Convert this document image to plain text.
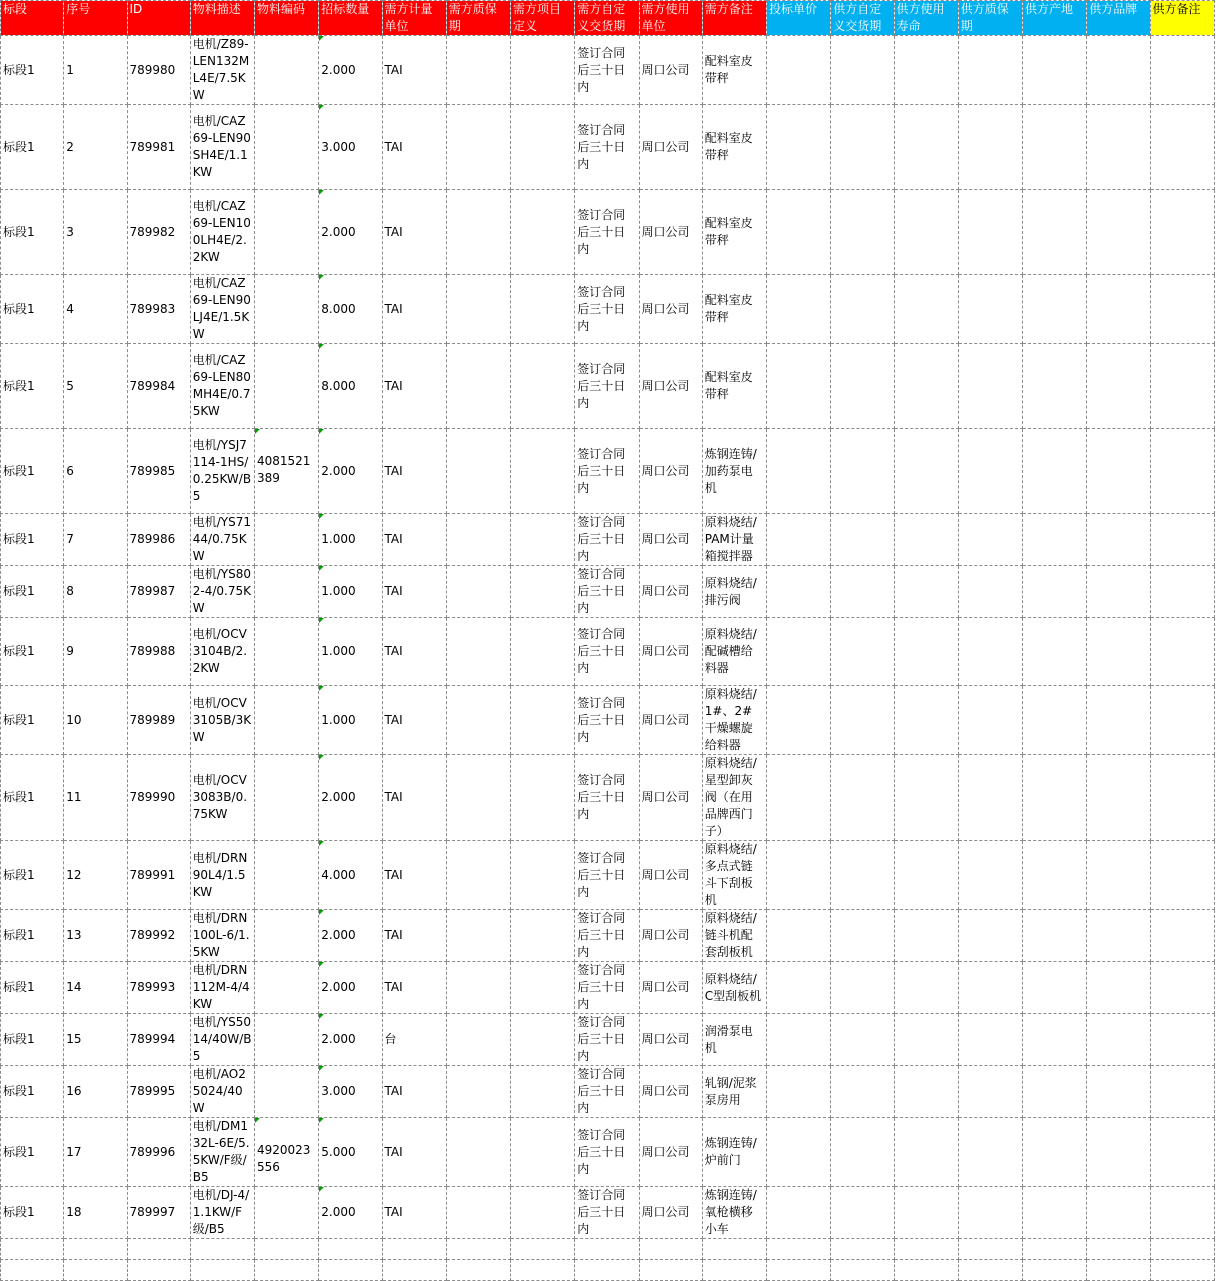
标段	序号	ID	物料描述	物料编码	招标数量	需方计量单位	需方质保期	需方项目定义	需方自定义交货期	需方使用单位	需方备注	投标单价	供方自定义交货期	供方使用寿命	供方质保期	供方产地	供方品牌	供方备注
标段1	1	789980	电机/Z89-LEN132ML4E/7.5KW		2.000	TAI			签订合同后三十日内	周口公司	配料室皮带秤							
标段1	2	789981	电机/CAZ69-LEN90SH4E/1.1KW		3.000	TAI			签订合同后三十日内	周口公司	配料室皮带秤							
标段1	3	789982	电机/CAZ69-LEN100LH4E/2.2KW		2.000	TAI			签订合同后三十日内	周口公司	配料室皮带秤							
标段1	4	789983	电机/CAZ69-LEN90LJ4E/1.5KW		8.000	TAI			签订合同后三十日内	周口公司	配料室皮带秤							
标段1	5	789984	电机/CAZ69-LEN80MH4E/0.75KW		8.000	TAI			签订合同后三十日内	周口公司	配料室皮带秤							
标段1	6	789985	电机/YSJ7114-1HS/0.25KW/B5	4081521389	2.000	TAI			签订合同后三十日内	周口公司	炼钢连铸/加药泵电机							
标段1	7	789986	电机/YS7144/0.75KW		1.000	TAI			签订合同后三十日内	周口公司	原料烧结/PAM计量箱搅拌器							
标段1	8	789987	电机/YS802-4/0.75KW		1.000	TAI			签订合同后三十日内	周口公司	原料烧结/排污阀							
标段1	9	789988	电机/OCV3104B/2.2KW		1.000	TAI			签订合同后三十日内	周口公司	原料烧结/配碱槽给料器							
标段1	10	789989	电机/OCV3105B/3KW		1.000	TAI			签订合同后三十日内	周口公司	原料烧结/1#、2#干燥螺旋给料器							
标段1	11	789990	电机/OCV3083B/0.75KW		2.000	TAI			签订合同后三十日内	周口公司	原料烧结/星型卸灰阀（在用品牌西门子）							
标段1	12	789991	电机/DRN90L4/1.5KW		4.000	TAI			签订合同后三十日内	周口公司	原料烧结/多点式链斗下刮板机							
标段1	13	789992	电机/DRN100L-6/1.5KW		2.000	TAI			签订合同后三十日内	周口公司	原料烧结/链斗机配套刮板机							
标段1	14	789993	电机/DRN112M-4/4KW		2.000	TAI			签订合同后三十日内	周口公司	原料烧结/C型刮板机							
标段1	15	789994	电机/YS5014/40W/B5		2.000	台			签订合同后三十日内	周口公司	润滑泵电机							
标段1	16	789995	电机/AO25024/40W		3.000	TAI			签订合同后三十日内	周口公司	轧钢/泥浆泵房用							
标段1	17	789996	电机/DM132L-6E/5.5KW/F级/B5	4920023556	5.000	TAI			签订合同后三十日内	周口公司	炼钢连铸/炉前门							
标段1	18	789997	电机/DJ-4/1.1KW/F级/B5		2.000	TAI			签订合同后三十日内	周口公司	炼钢连铸/氧枪横移小车							
